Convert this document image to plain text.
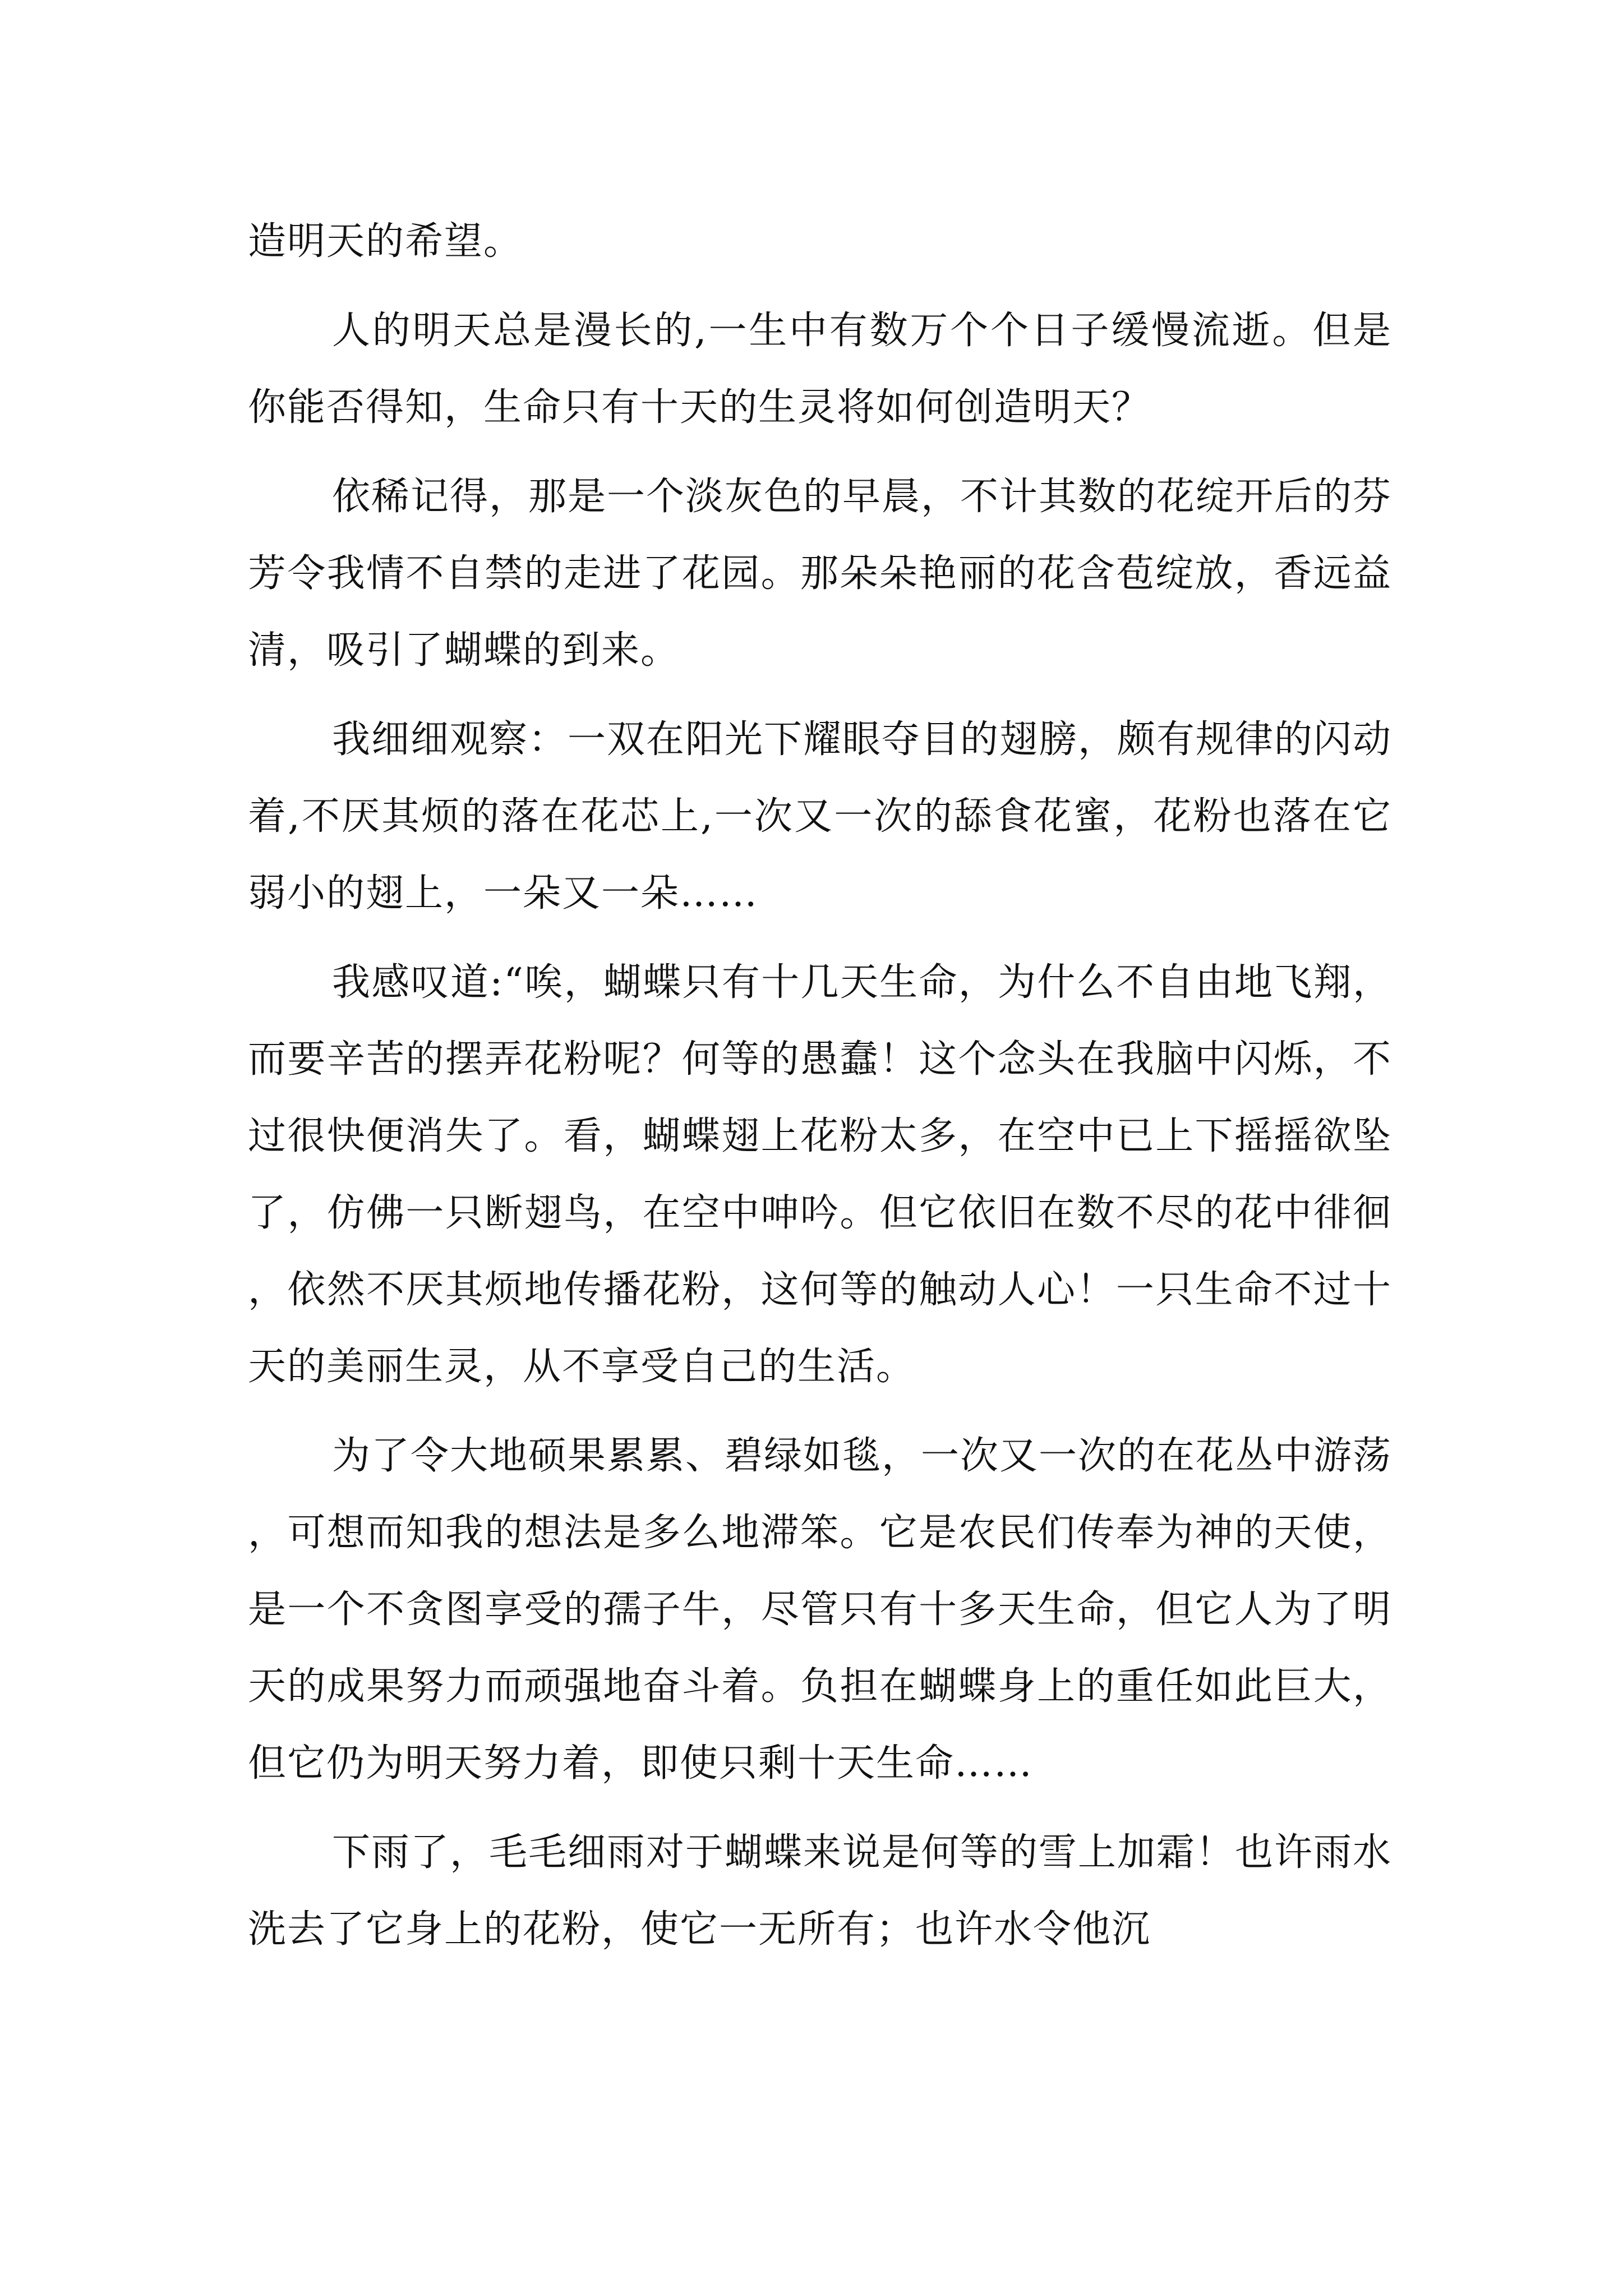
造明天的希望。

人的明天总是漫长的,一生中有数万个个日子缓慢流逝。但是你能否得知，生命只有十天的生灵将如何创造明天？

依稀记得，那是一个淡灰色的早晨，不计其数的花绽开后的芬芳令我情不自禁的走进了花园。那朵朵艳丽的花含苞绽放，香远益清，吸引了蝴蝶的到来。

我细细观察：一双在阳光下耀眼夺目的翅膀，颇有规律的闪动着,不厌其烦的落在花芯上,一次又一次的舔食花蜜，花粉也落在它弱小的翅上，一朵又一朵……

我感叹道:“唉，蝴蝶只有十几天生命，为什么不自由地飞翔，而要辛苦的摆弄花粉呢？何等的愚蠢！这个念头在我脑中闪烁，不过很快便消失了。看，蝴蝶翅上花粉太多，在空中已上下摇摇欲坠了，仿佛一只断翅鸟，在空中呻吟。但它依旧在数不尽的花中徘徊，依然不厌其烦地传播花粉，这何等的触动人心！一只生命不过十天的美丽生灵，从不享受自己的生活。

为了令大地硕果累累、碧绿如毯，一次又一次的在花丛中游荡，可想而知我的想法是多么地滞笨。它是农民们传奉为神的天使，是一个不贪图享受的孺子牛，尽管只有十多天生命，但它人为了明天的成果努力而顽强地奋斗着。负担在蝴蝶身上的重任如此巨大，但它仍为明天努力着，即使只剩十天生命……

下雨了，毛毛细雨对于蝴蝶来说是何等的雪上加霜！也许雨水洗去了它身上的花粉，使它一无所有；也许水令他沉
